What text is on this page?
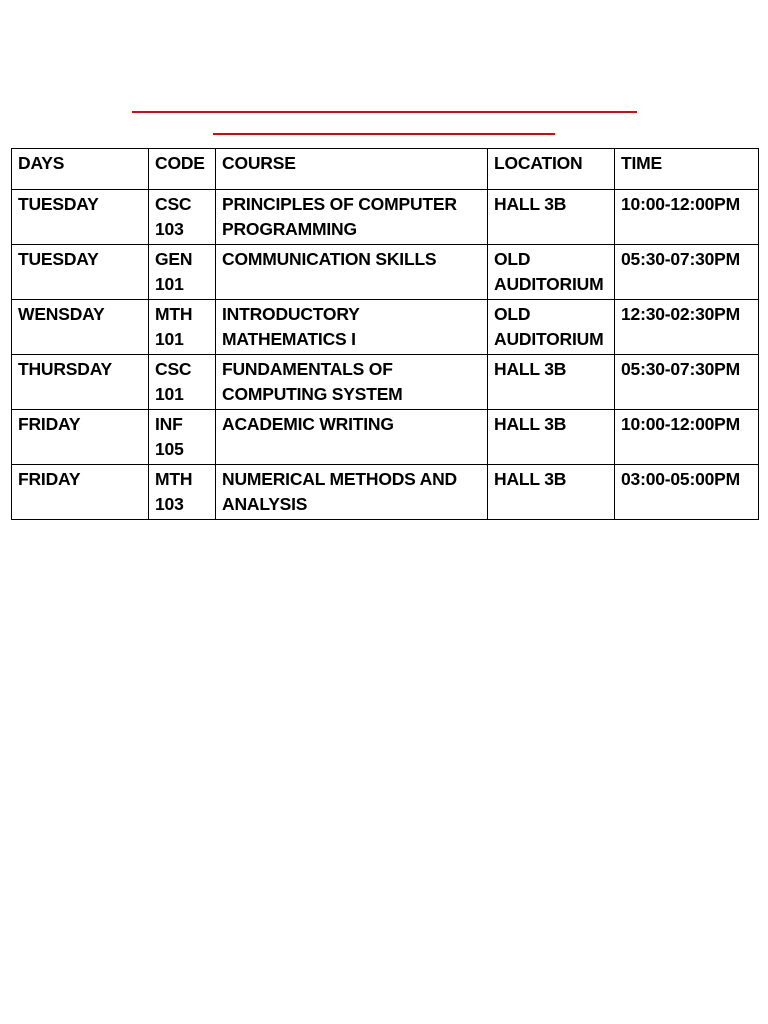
DAYS	CODE	COURSE	LOCATION	TIME
TUESDAY	CSC 103	PRINCIPLES OF COMPUTER PROGRAMMING	HALL 3B	10:00-12:00PM
TUESDAY	GEN 101	COMMUNICATION SKILLS	OLD AUDITORIUM	05:30-07:30PM
WENSDAY	MTH 101	INTRODUCTORY MATHEMATICS I	OLD AUDITORIUM	12:30-02:30PM
THURSDAY	CSC 101	FUNDAMENTALS OF COMPUTING SYSTEM	HALL 3B	05:30-07:30PM
FRIDAY	INF 105	ACADEMIC WRITING	HALL 3B	10:00-12:00PM
FRIDAY	MTH 103	NUMERICAL METHODS AND ANALYSIS	HALL 3B	03:00-05:00PM
